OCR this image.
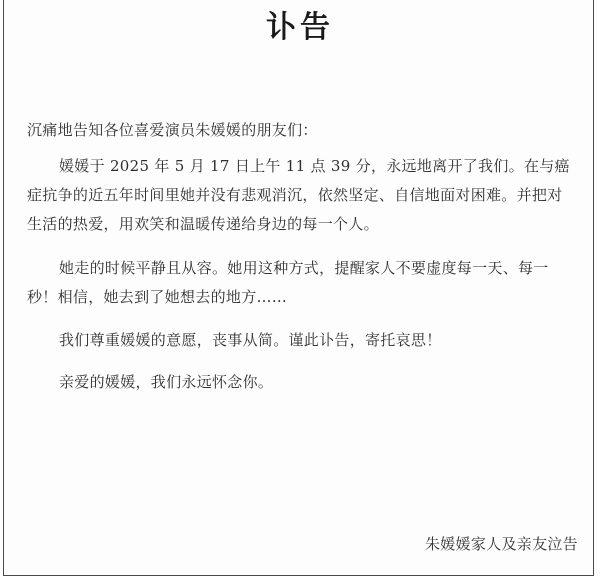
讣告
沉痛地告知各位喜爱演员朱媛媛的朋友们：

媛媛于 2025 年 5 月 17 日上午 11 点 39 分，永远地离开了我们。在与癌症抗争的近五年时间里她并没有悲观消沉，依然坚定、自信地面对困难。并把对生活的热爱，用欢笑和温暖传递给身边的每一个人。

她走的时候平静且从容。她用这种方式，提醒家人不要虚度每一天、每一秒！相信，她去到了她想去的地方……

我们尊重媛媛的意愿，丧事从简。谨此讣告，寄托哀思！

亲爱的媛媛，我们永远怀念你。

朱媛媛家人及亲友泣告
